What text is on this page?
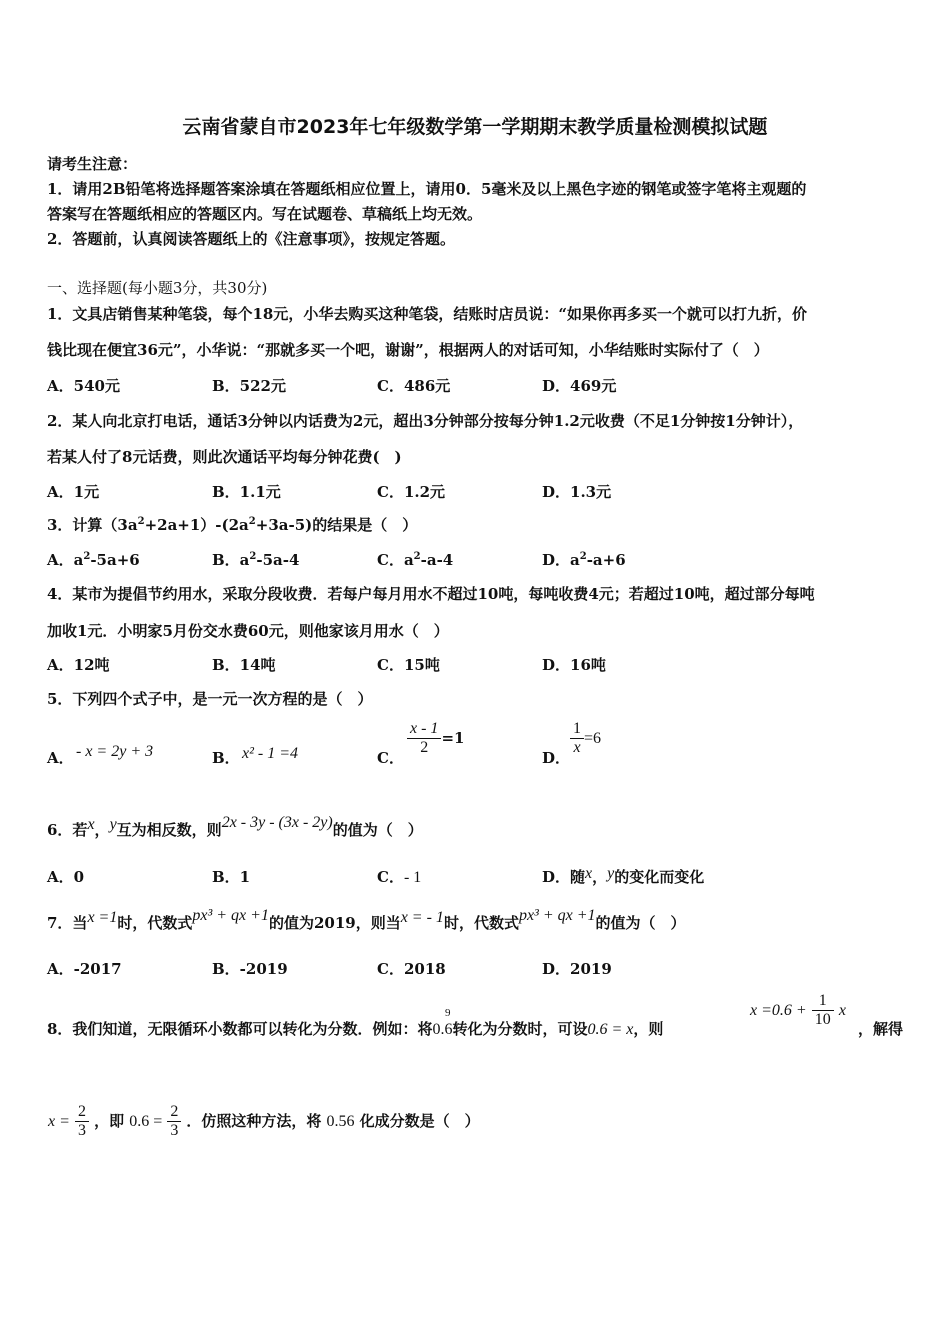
云南省蒙自市2023年七年级数学第一学期期末教学质量检测模拟试题
请考生注意：
1．请用2B铅笔将选择题答案涂填在答题纸相应位置上，请用0．5毫米及以上黑色字迹的钢笔或签字笔将主观题的
答案写在答题纸相应的答题区内。写在试题卷、草稿纸上均无效。
2．答题前，认真阅读答题纸上的《注意事项》，按规定答题。
一、选择题(每小题3分，共30分)
1．文具店销售某种笔袋，每个18元，小华去购买这种笔袋，结账时店员说：“如果你再多买一个就可以打九折，价
钱比现在便宜36元”，小华说：“那就多买一个吧，谢谢”，根据两人的对话可知，小华结账时实际付了（　）
A．540元	B．522元	C．486元	D．469元
2．某人向北京打电话，通话3分钟以内话费为2元，超出3分钟部分按每分钟1.2元收费（不足1分钟按1分钟计），
若某人付了8元话费，则此次通话平均每分钟花费(　)
A．1元	B．1.1元	C．1.2元	D．1.3元
3．计算$(3a^2+2a+1)-(2a^2+3a-5)$的结果是（　）
A．$a^2-5a+6$	B．$a^2-5a-4$	C．$a^2-a-4$	D．$a^2-a+6$
4．某市为提倡节约用水，采取分段收费．若每户每月用水不超过10吨，每吨收费4元；若超过10吨，超过部分每吨
加收1元．小明家5月份交水费60元，则他家该月用水（　）
A．12吨	B．14吨	C．15吨	D．16吨
5．下列四个式子中，是一元一次方程的是（　）
A． - x = 2y + 3	B． x² - 1 =4	C．
$\frac{x - 1}{2} =1$
D．
$\frac{1}{x} =6$
6．若x，y互为相反数，则2x - 3y - (3x - 2y)的值为（　）
A．0	B．1	C．- 1	D．随x，y的变化而变化
7．当x =1时，代数式px³ + qx +1的值为2019，则当x = - 1时，代数式px³ + qx +1的值为（　）
A．-2017	B．-2019	C．2018	D．2019
8．我们知道，无限循环小数都可以转化为分数．例如：将0.6
9
转化为分数时，可设0.6 = x，则
$x =0.6 + \frac{1}{10}$ x
，解得
$x = \frac{2}{3}$ ，即 $0.6 = \frac{2}{3}$ ．仿照这种方法，将 0.56 化成分数是（　）
